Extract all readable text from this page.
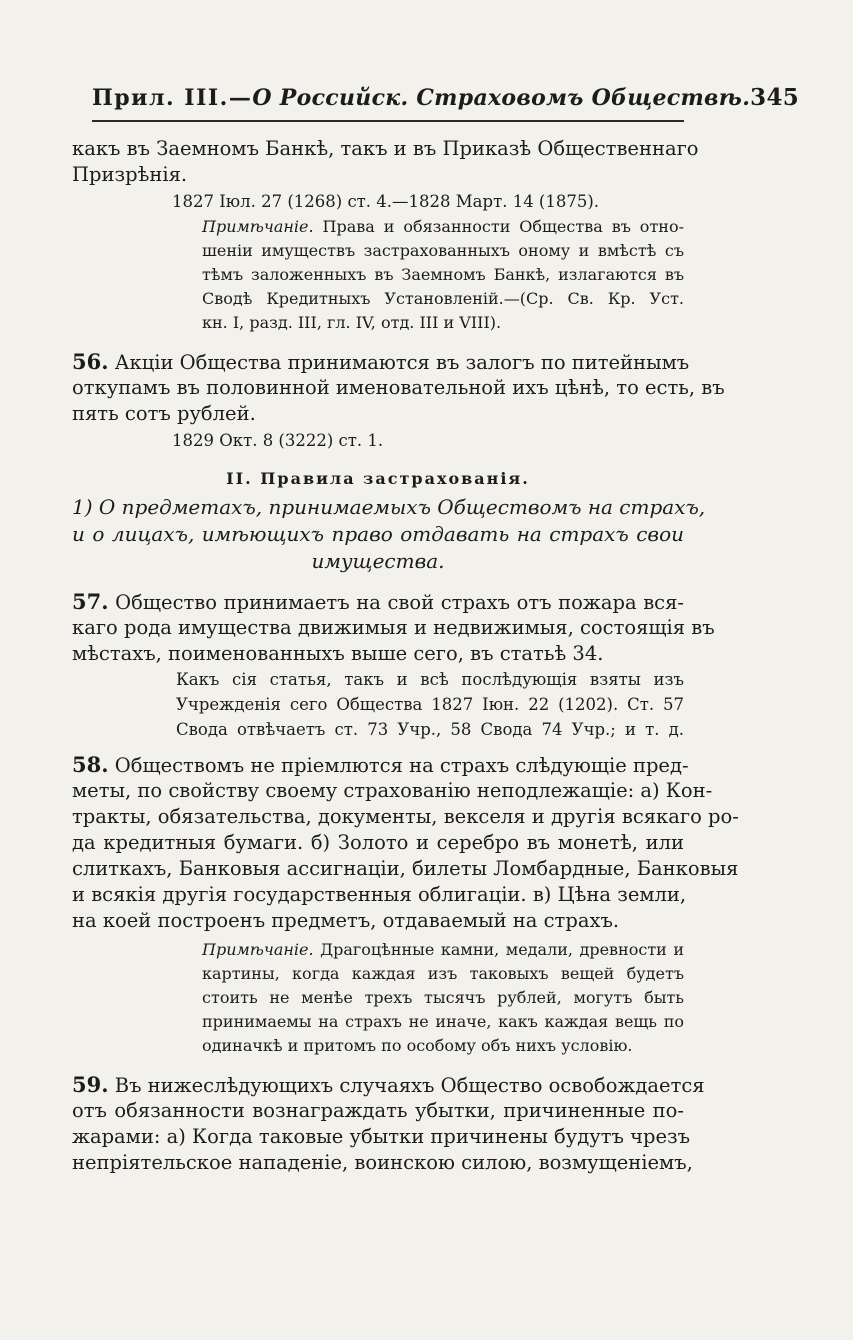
Прил. III.—О Российск. Страховомъ Обществѣ. 345
какъ въ Заемномъ Банкѣ, такъ и въ Приказѣ Общественнаго
Призрѣнія.
1827 Іюл. 27 (1268) ст. 4.—1828 Март. 14 (1875).
Примѣчаніе. Права и обязанности Общества въ отно-
шеніи имуществъ застрахованныхъ оному и вмѣстѣ съ
тѣмъ заложенныхъ въ Заемномъ Банкѣ, излагаются въ
Сводѣ Кредитныхъ Установленій.—(Ср. Св. Кр. Уст.
кн. I, разд. III, гл. IV, отд. III и VIII).
56. Акціи Общества принимаются въ залогъ по питейнымъ
откупамъ въ половинной именовательной ихъ цѣнѣ, то есть, въ
пять сотъ рублей.
1829 Окт. 8 (3222) ст. 1.
II. Правила застрахованія.
1) О предметахъ, принимаемыхъ Обществомъ на страхъ,
и о лицахъ, имѣющихъ право отдавать на страхъ свои
имущества.
57. Общество принимаетъ на свой страхъ отъ пожара вся-
каго рода имущества движимыя и недвижимыя, состоящія въ
мѣстахъ, поименованныхъ выше сего, въ статьѣ 34.
Какъ сія статья, такъ и всѣ послѣдующія взяты изъ
Учрежденія сего Общества 1827 Іюн. 22 (1202). Ст. 57
Свода отвѣчаетъ ст. 73 Учр., 58 Свода 74 Учр.; и т. д.
58. Обществомъ не пріемлются на страхъ слѣдующіе пред-
меты, по свойству своему страхованію неподлежащіе: а) Кон-
тракты, обязательства, документы, векселя и другія всякаго ро-
да кредитныя бумаги. б) Золото и серебро въ монетѣ, или
слиткахъ, Банковыя ассигнаціи, билеты Ломбардные, Банковыя
и всякія другія государственныя облигаціи. в) Цѣна земли,
на коей построенъ предметъ, отдаваемый на страхъ.
Примѣчаніе. Драгоцѣнные камни, медали, древности и
картины, когда каждая изъ таковыхъ вещей будетъ
стоить не менѣе трехъ тысячъ рублей, могутъ быть
принимаемы на страхъ не иначе, какъ каждая вещь по
одиначкѣ и притомъ по особому объ нихъ условію.
59. Въ нижеслѣдующихъ случаяхъ Общество освобождается
отъ обязанности вознаграждать убытки, причиненные по-
жарами: а) Когда таковые убытки причинены будутъ чрезъ
непріятельское нападеніе, воинскою силою, возмущеніемъ,
